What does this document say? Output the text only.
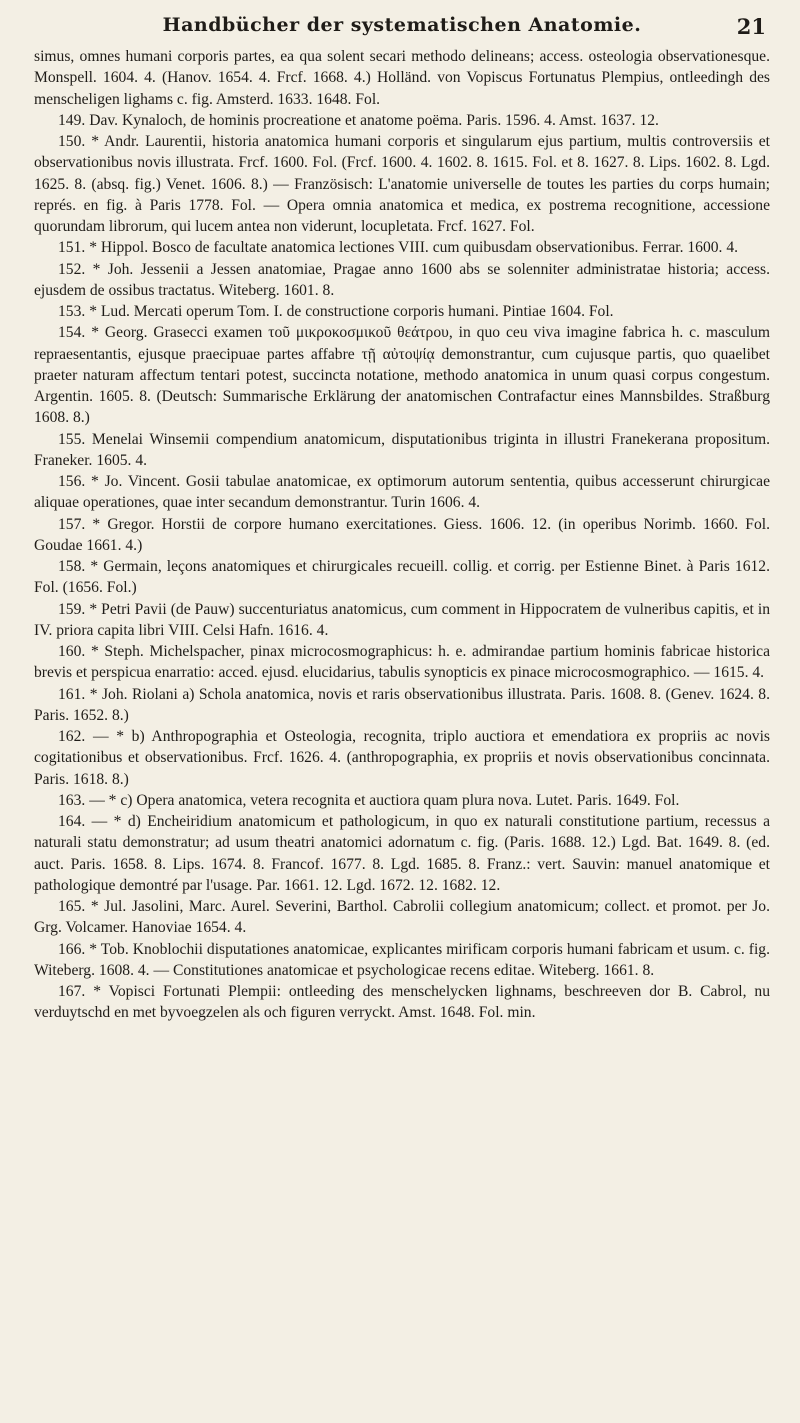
Handbücher der systematischen Anatomie.	21

simus, omnes humani corporis partes, ea qua solent secari methodo delineans; access. osteologia observationesque. Monspell. 1604. 4. (Hanov. 1654. 4. Frcf. 1668. 4.) Holländ. von Vopiscus Fortunatus Plempius, ontleedingh des menscheligen lighams c. fig. Amsterd. 1633. 1648. Fol.

149. Dav. Kynaloch, de hominis procreatione et anatome poëma. Paris. 1596. 4. Amst. 1637. 12.

150. * Andr. Laurentii, historia anatomica humani corporis et singularum ejus partium, multis controversiis et observationibus novis illustrata. Frcf. 1600. Fol. (Frcf. 1600. 4. 1602. 8. 1615. Fol. et 8. 1627. 8. Lips. 1602. 8. Lgd. 1625. 8. (absq. fig.) Venet. 1606. 8.) — Französisch: L'anatomie universelle de toutes les parties du corps humain; représ. en fig. à Paris 1778. Fol. — Opera omnia anatomica et medica, ex postrema recognitione, accessione quorundam librorum, qui lucem antea non viderunt, locupletata. Frcf. 1627. Fol.

151. * Hippol. Bosco de facultate anatomica lectiones VIII. cum quibusdam observationibus. Ferrar. 1600. 4.

152. * Joh. Jessenii a Jessen anatomiae, Pragae anno 1600 abs se solenniter administratae historia; access. ejusdem de ossibus tractatus. Witeberg. 1601. 8.

153. * Lud. Mercati operum Tom. I. de constructione corporis humani. Pintiae 1604. Fol.

154. * Georg. Grasecci examen τοῦ μικροκοσμικοῦ θεάτρου, in quo ceu viva imagine fabrica h. c. masculum repraesentantis, ejusque praecipuae partes affabre τῇ αὐτοψίᾳ demonstrantur, cum cujusque partis, quo quaelibet praeter naturam affectum tentari potest, succincta notatione, methodo anatomica in unum quasi corpus congestum. Argentin. 1605. 8. (Deutsch: Summarische Erklärung der anatomischen Contrafactur eines Mannsbildes. Straßburg 1608. 8.)

155. Menelai Winsemii compendium anatomicum, disputationibus triginta in illustri Franekerana propositum. Franeker. 1605. 4.

156. * Jo. Vincent. Gosii tabulae anatomicae, ex optimorum autorum sententia, quibus accesserunt chirurgicae aliquae operationes, quae inter secandum demonstrantur. Turin 1606. 4.

157. * Gregor. Horstii de corpore humano exercitationes. Giess. 1606. 12. (in operibus Norimb. 1660. Fol. Goudae 1661. 4.)

158. * Germain, leçons anatomiques et chirurgicales recueill. collig. et corrig. per Estienne Binet. à Paris 1612. Fol. (1656. Fol.)

159. * Petri Pavii (de Pauw) succenturiatus anatomicus, cum comment in Hippocratem de vulneribus capitis, et in IV. priora capita libri VIII. Celsi Hafn. 1616. 4.

160. * Steph. Michelspacher, pinax microcosmographicus: h. e. admirandae partium hominis fabricae historica brevis et perspicua enarratio: acced. ejusd. elucidarius, tabulis synopticis ex pinace microcosmographico. — 1615. 4.

161. * Joh. Riolani a) Schola anatomica, novis et raris observationibus illustrata. Paris. 1608. 8. (Genev. 1624. 8. Paris. 1652. 8.)

162. — * b) Anthropographia et Osteologia, recognita, triplo auctiora et emendatiora ex propriis ac novis cogitationibus et observationibus. Frcf. 1626. 4. (anthropographia, ex propriis et novis observationibus concinnata. Paris. 1618. 8.)

163. — * c) Opera anatomica, vetera recognita et auctiora quam plura nova. Lutet. Paris. 1649. Fol.

164. — * d) Encheiridium anatomicum et pathologicum, in quo ex naturali constitutione partium, recessus a naturali statu demonstratur; ad usum theatri anatomici adornatum c. fig. (Paris. 1688. 12.) Lgd. Bat. 1649. 8. (ed. auct. Paris. 1658. 8. Lips. 1674. 8. Francof. 1677. 8. Lgd. 1685. 8. Franz.: vert. Sauvin: manuel anatomique et pathologique demontré par l'usage. Par. 1661. 12. Lgd. 1672. 12. 1682. 12.

165. * Jul. Jasolini, Marc. Aurel. Severini, Barthol. Cabrolii collegium anatomicum; collect. et promot. per Jo. Grg. Volcamer. Hanoviae 1654. 4.

166. * Tob. Knoblochii disputationes anatomicae, explicantes mirificam corporis humani fabricam et usum. c. fig. Witeberg. 1608. 4. — Constitutiones anatomicae et psychologicae recens editae. Witeberg. 1661. 8.

167. * Vopisci Fortunati Plempii: ontleeding des menschelycken lighnams, beschreeven dor B. Cabrol, nu verduytschd en met byvoegzelen als och figuren verryckt. Amst. 1648. Fol. min.
